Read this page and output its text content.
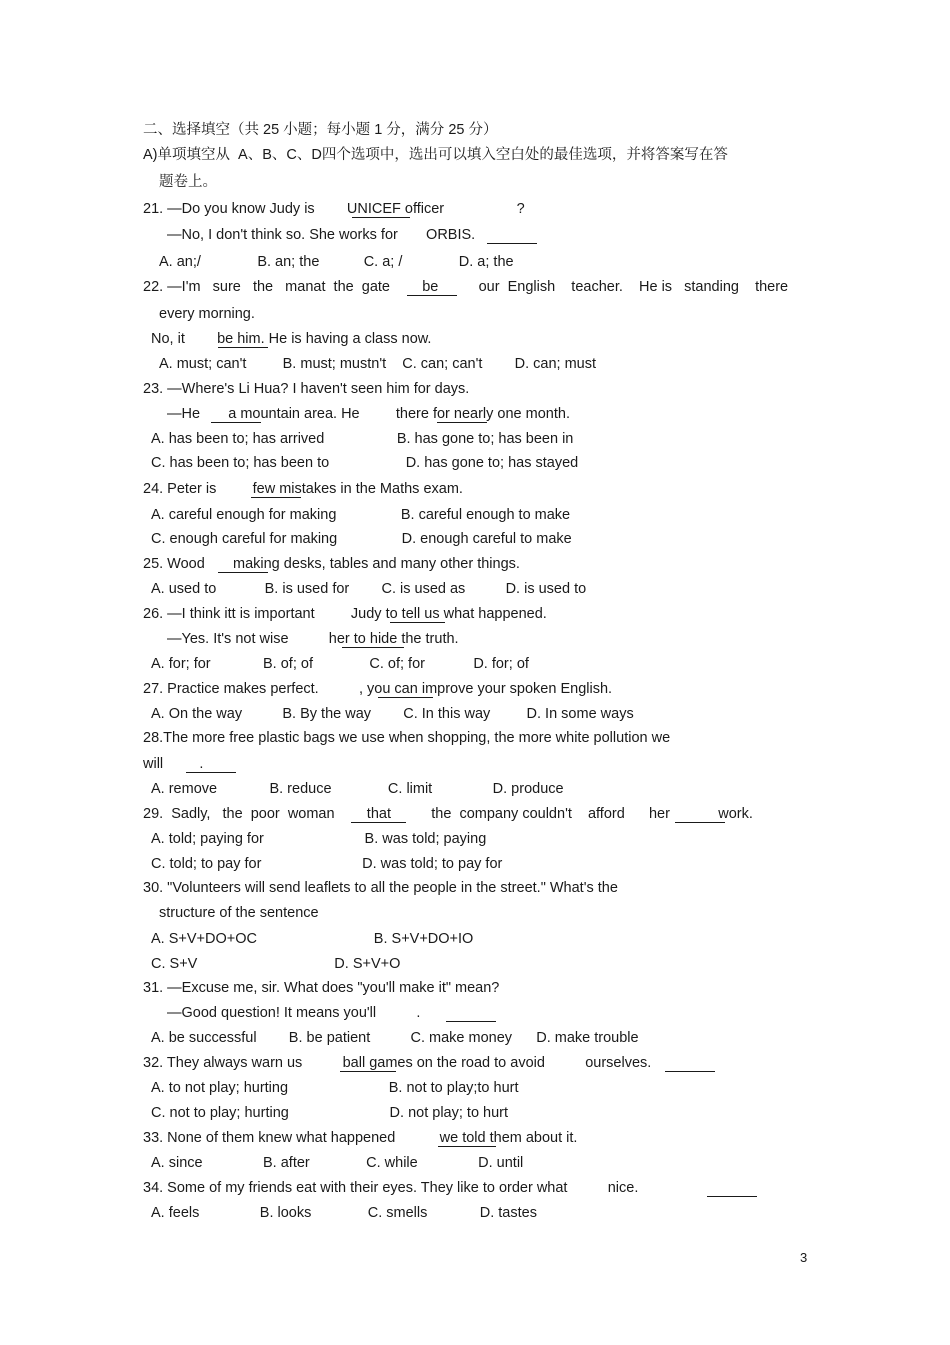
二、选择填空（共 25 小题；每小题 1 分，满分 25 分）
A)单项填空从  A、B、C、D四个选项中，选出可以填入空白处的最佳选项，并将答案写在答
题卷上。
21. —Do you know Judy is        UNICEF officer                  ?
—No, I don't think so. She works for       ORBIS.
A. an;/              B. an; the           C. a; /              D. a; the
22. —I'm   sure   the   manat  the  gate        be          our  English    teacher.    He is   standing    there
every morning.
No, it        be him. He is having a class now.
A. must; can't         B. must; mustn't    C. can; can't        D. can; must
23. —Where's Li Hua? I haven't seen him for days.
—He       a mountain area. He         there for nearly one month.
A. has been to; has arrived                  B. has gone to; has been in
C. has been to; has been to                   D. has gone to; has stayed
24. Peter is         few mistakes in the Maths exam.
A. careful enough for making                B. careful enough to make
C. enough careful for making                D. enough careful to make
25. Wood       making desks, tables and many other things.
A. used to            B. is used for        C. is used as          D. is used to
26. —I think itt is important         Judy to tell us what happened.
—Yes. It's not wise          her to hide the truth.
A. for; for             B. of; of              C. of; for            D. for; of
27. Practice makes perfect.          , you can improve your spoken English.
A. On the way          B. By the way        C. In this way         D. In some ways
28.The more free plastic bags we use when shopping, the more white pollution we
will         .
A. remove             B. reduce              C. limit               D. produce
29.  Sadly,   the  poor  woman        that          the  company couldn't    afford      her            work.
A. told; paying for                         B. was told; paying
C. told; to pay for                         D. was told; to pay for
30. "Volunteers will send leaflets to all the people in the street." What's the
structure of the sentence
A. S+V+DO+OC                             B. S+V+DO+IO
C. S+V                                  D. S+V+O
31. —Excuse me, sir. What does "you'll make it" mean?
—Good question! It means you'll          .
A. be successful        B. be patient          C. make money      D. make trouble
32. They always warn us          ball games on the road to avoid          ourselves.
A. to not play; hurting                         B. not to play;to hurt
C. not to play; hurting                         D. not play; to hurt
33. None of them knew what happened           we told them about it.
A. since               B. after              C. while               D. until
34. Some of my friends eat with their eyes. They like to order what          nice.
A. feels               B. looks              C. smells             D. tastes
3
